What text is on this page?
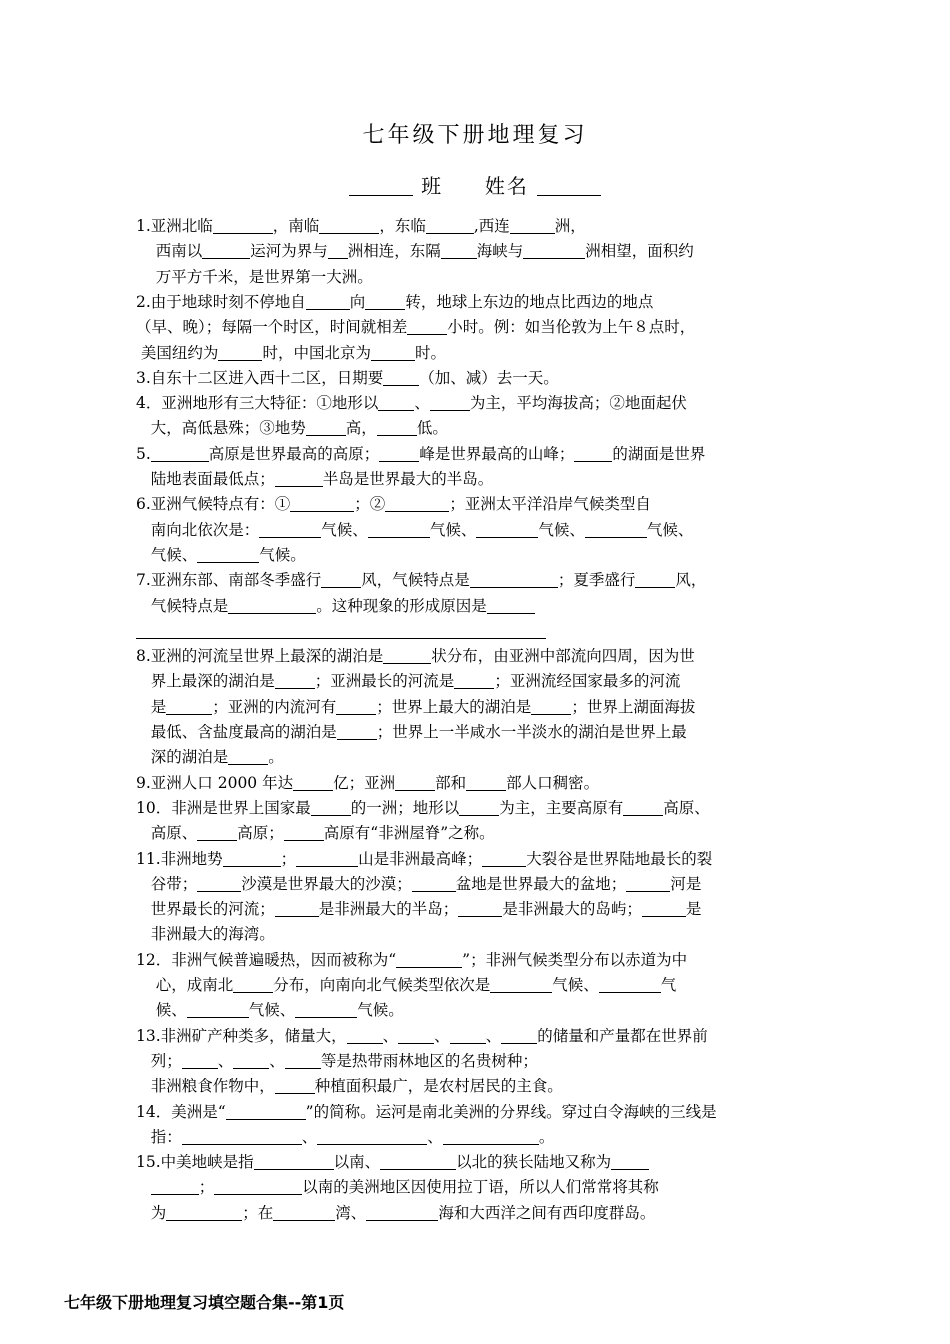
七年级下册地理复习
班 姓名
1.亚洲北临	，南临	，东临	,西连	洲，
西南以	运河为界与 洲相连，东隔 海峡与	洲相望，面积约
万平方千米，是世界第一大洲。
2.由于地球时刻不停地自	向	转，地球上东边的地点比西边的地点
（早、晚）；每隔一个时区，时间就相差	小时。例：如当伦敦为上午８点时，
美国纽约为	时，中国北京为	时。
3.自东十二区进入西十二区，日期要 （加、减）去一天。
4．亚洲地形有三大特征：①地形以 、	为主，平均海拔高；②地面起伏
大，高低悬殊；③地势	高，	低。
5.	高原是世界最高的高原；	峰是世界最高的山峰； 的湖面是世界
陆地表面最低点；	半岛是世界最大的半岛。
6.亚洲气候特点有：①	；②	；亚洲太平洋沿岸气候类型自
南向北依次是：	气候、	气候、	气候、	气候、
气候、	气候。
7.亚洲东部、南部冬季盛行	风，气候特点是	；夏季盛行	风，
气候特点是	。这种现象的形成原因是
8.亚洲的河流呈世界上最深的湖泊是	状分布，由亚洲中部流向四周，因为世
界上最深的湖泊是	；亚洲最长的河流是	；亚洲流经国家最多的河流
是	；亚洲的内流河有	；世界上最大的湖泊是	；世界上湖面海拔
最低、含盐度最高的湖泊是	；世界上一半咸水一半淡水的湖泊是世界上最
深的湖泊是	。
9.亚洲人口 2000 年达	亿；亚洲	部和	部人口稠密。
10．非洲是世界上国家最	的一洲；地形以	为主，主要高原有	高原、
高原、	高原；	高原有“非洲屋脊”之称。
11.非洲地势	；	山是非洲最高峰；	大裂谷是世界陆地最长的裂
谷带；	沙漠是世界最大的沙漠；	盆地是世界最大的盆地；	河是
世界最长的河流；	是非洲最大的半岛；	是非洲最大的岛屿；	是
非洲最大的海湾。
12．非洲气候普遍暖热，因而被称为“	”；非洲气候类型分布以赤道为中
心，成南北	分布，向南向北气候类型依次是	气候、	气
候、	气候、	气候。
13.非洲矿产种类多，储量大， 、 、 、 的储量和产量都在世界前
列； 、 、 等是热带雨林地区的名贵树种；
非洲粮食作物中，	种植面积最广，是农村居民的主食。
14．美洲是“	”的简称。运河是南北美洲的分界线。穿过白令海峡的三线是
指：	、	、	。
15.中美地峡是指	以南、	以北的狭长陆地又称为
；	以南的美洲地区因使用拉丁语，所以人们常常将其称
为	；在	湾、	海和大西洋之间有西印度群岛。
七年级下册地理复习填空题合集--第1页
